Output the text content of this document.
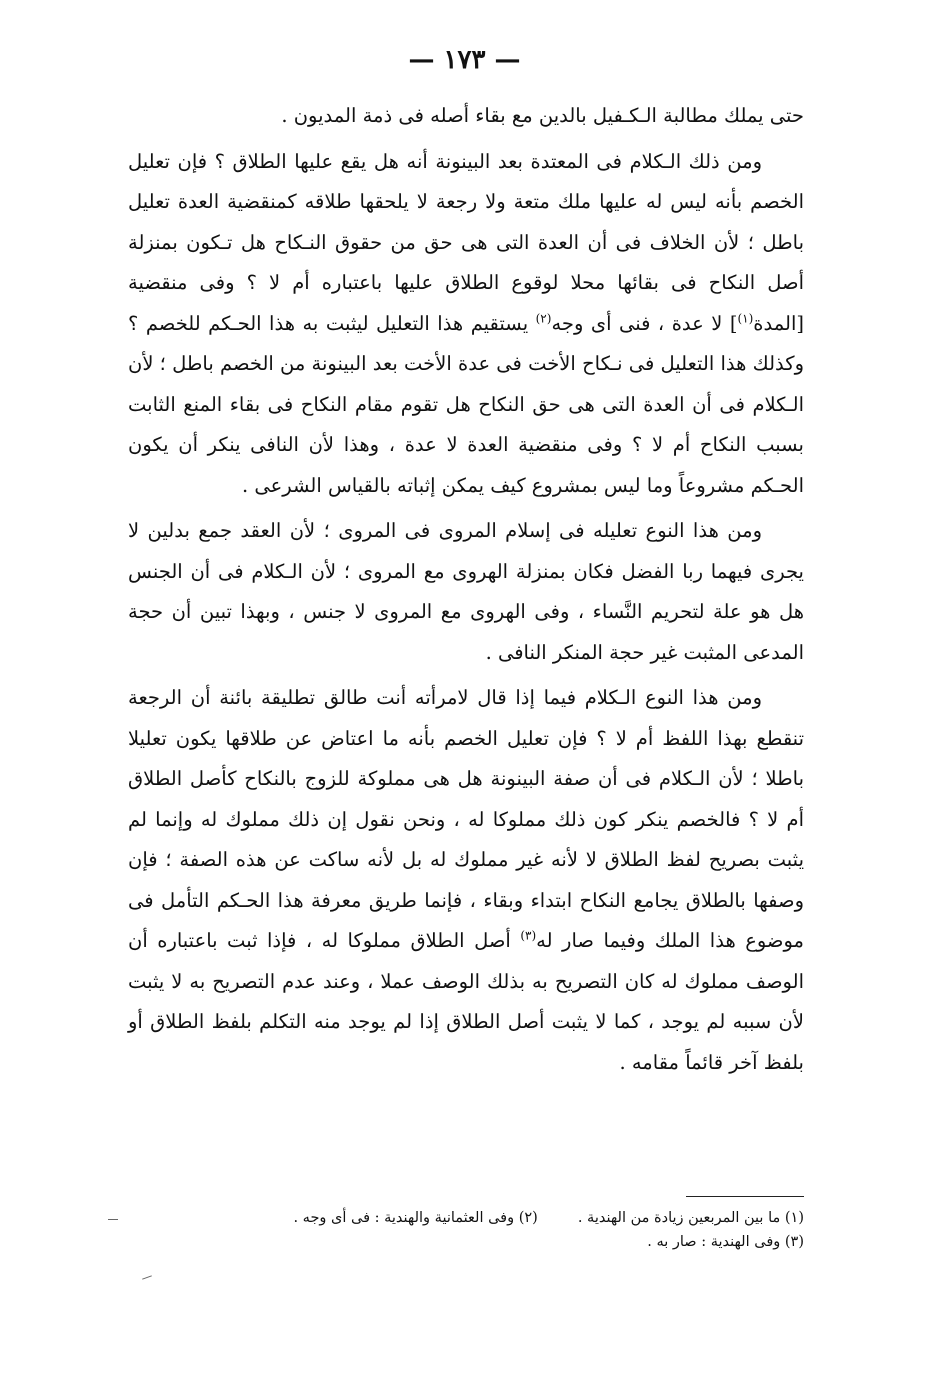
— ١٧٣ —

حتى يملك مطالبة الـكـفيل بالدين مع بقاء أصله فى ذمة المديون .

ومن ذلك الـكلام فى المعتدة بعد البينونة أنه هل يقع عليها الطلاق ؟ فإن تعليل الخصم بأنه ليس له عليها ملك متعة ولا رجعة لا يلحقها طلاقه كمنقضية العدة تعليل باطل ؛ لأن الخلاف فى أن العدة التى هى حق من حقوق النـكاح هل تـكون بمنزلة أصل النكاح فى بقائها محلا لوقوع الطلاق عليها باعتباره أم لا ؟ وفى منقضية [المدة$^{(١)}$] لا عدة ، فنى أى وجه$^{(٢)}$ يستقيم هذا التعليل ليثبت به هذا الحـكم للخصم ؟ وكذلك هذا التعليل فى نـكاح الأخت فى عدة الأخت بعد البينونة من الخصم باطل ؛ لأن الـكلام فى أن العدة التى هى حق النكاح هل تقوم مقام النكاح فى بقاء المنع الثابت بسبب النكاح أم لا ؟ وفى منقضية العدة لا عدة ، وهذا لأن النافى ينكر أن يكون الحـكم مشروعاً وما ليس بمشروع كيف يمكن إثباته بالقياس الشرعى .

ومن هذا النوع تعليله فى إسلام المروى فى المروى ؛ لأن العقد جمع بدلين لا يجرى فيهما ربا الفضل فكان بمنزلة الهروى مع المروى ؛ لأن الـكلام فى أن الجنس هل هو علة لتحريم النَّساء ، وفى الهروى مع المروى لا جنس ، وبهذا تبين أن حجة المدعى المثبت غير حجة المنكر النافى .

ومن هذا النوع الـكلام فيما إذا قال لامرأته أنت طالق تطليقة بائنة أن الرجعة تنقطع بهذا اللفظ أم لا ؟ فإن تعليل الخصم بأنه ما اعتاض عن طلاقها يكون تعليلا باطلا ؛ لأن الـكلام فى أن صفة البينونة هل هى مملوكة للزوج بالنكاح كأصل الطلاق أم لا ؟ فالخصم ينكر كون ذلك مملوكا له ، ونحن نقول إن ذلك مملوك له وإنما لم يثبت بصريح لفظ الطلاق لا لأنه غير مملوك له بل لأنه ساكت عن هذه الصفة ؛ فإن وصفها بالطلاق يجامع النكاح ابتداء وبقاء ، فإنما طريق معرفة هذا الحـكم التأمل فى موضوع هذا الملك وفيما صار له$^{(٣)}$ أصل الطلاق مملوكا له ، فإذا ثبت باعتباره أن الوصف مملوك له كان التصريح به بذلك الوصف عملا ، وعند عدم التصريح به لا يثبت لأن سببه لم يوجد ، كما لا يثبت أصل الطلاق إذا لم يوجد منه التكلم بلفظ الطلاق أو بلفظ آخر قائماً مقامه .

(١) ما بين المربعين زيادة من الهندية .
(٢) وفى العثمانية والهندية : فى أى وجه .
(٣) وفى الهندية : صار به .
